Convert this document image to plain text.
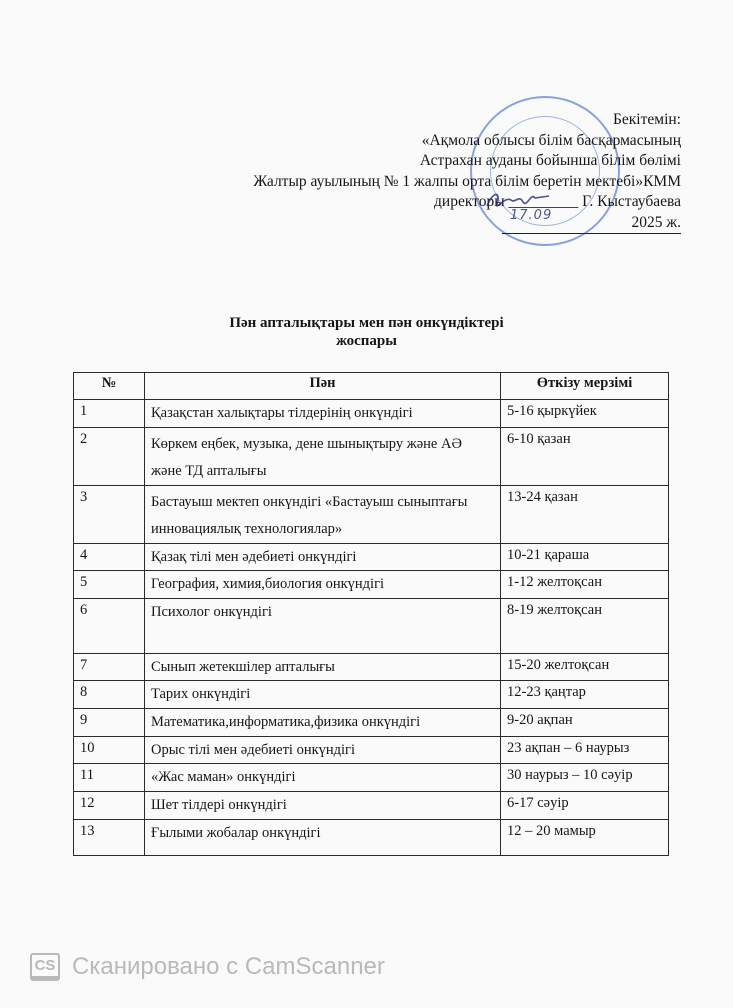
Бекітемін:
«Ақмола облысы білім басқармасының
Астрахан ауданы бойынша білім бөлімі
Жалтыр ауылының № 1 жалпы орта білім беретін мектебі»КММ
директоры _________ Г. Кыстаубаева
2025 ж.
17.09
Пән апталықтары мен пән онкүндіктері
жоспары
№	Пән	Өткізу мерзімі
1	Қазақстан халықтары тілдерінің онкүндігі	5-16 қыркүйек
2	Көркем еңбек, музыка, дене шынықтыру және АӘ және ТД апталығы	6-10 қазан
3	Бастауыш мектеп онкүндігі «Бастауыш сыныптағы инновациялық технологиялар»	13-24 қазан
4	Қазақ тілі мен әдебиеті онкүндігі	10-21 қараша
5	География, химия,биология онкүндігі	1-12 желтоқсан
6	Психолог онкүндігі	8-19 желтоқсан
7	Сынып жетекшілер апталығы	15-20 желтоқсан
8	Тарих онкүндігі	12-23 қаңтар
9	Математика,информатика,физика онкүндігі	9-20 ақпан
10	Орыс тілі мен әдебиеті онкүндігі	23 ақпан – 6 наурыз
11	«Жас маман» онкүндігі	30 наурыз – 10 сәуір
12	Шет тілдері онкүндігі	6-17 сәуір
13	Ғылыми жобалар онкүндігі	12 – 20 мамыр
CS Сканировано с CamScanner
